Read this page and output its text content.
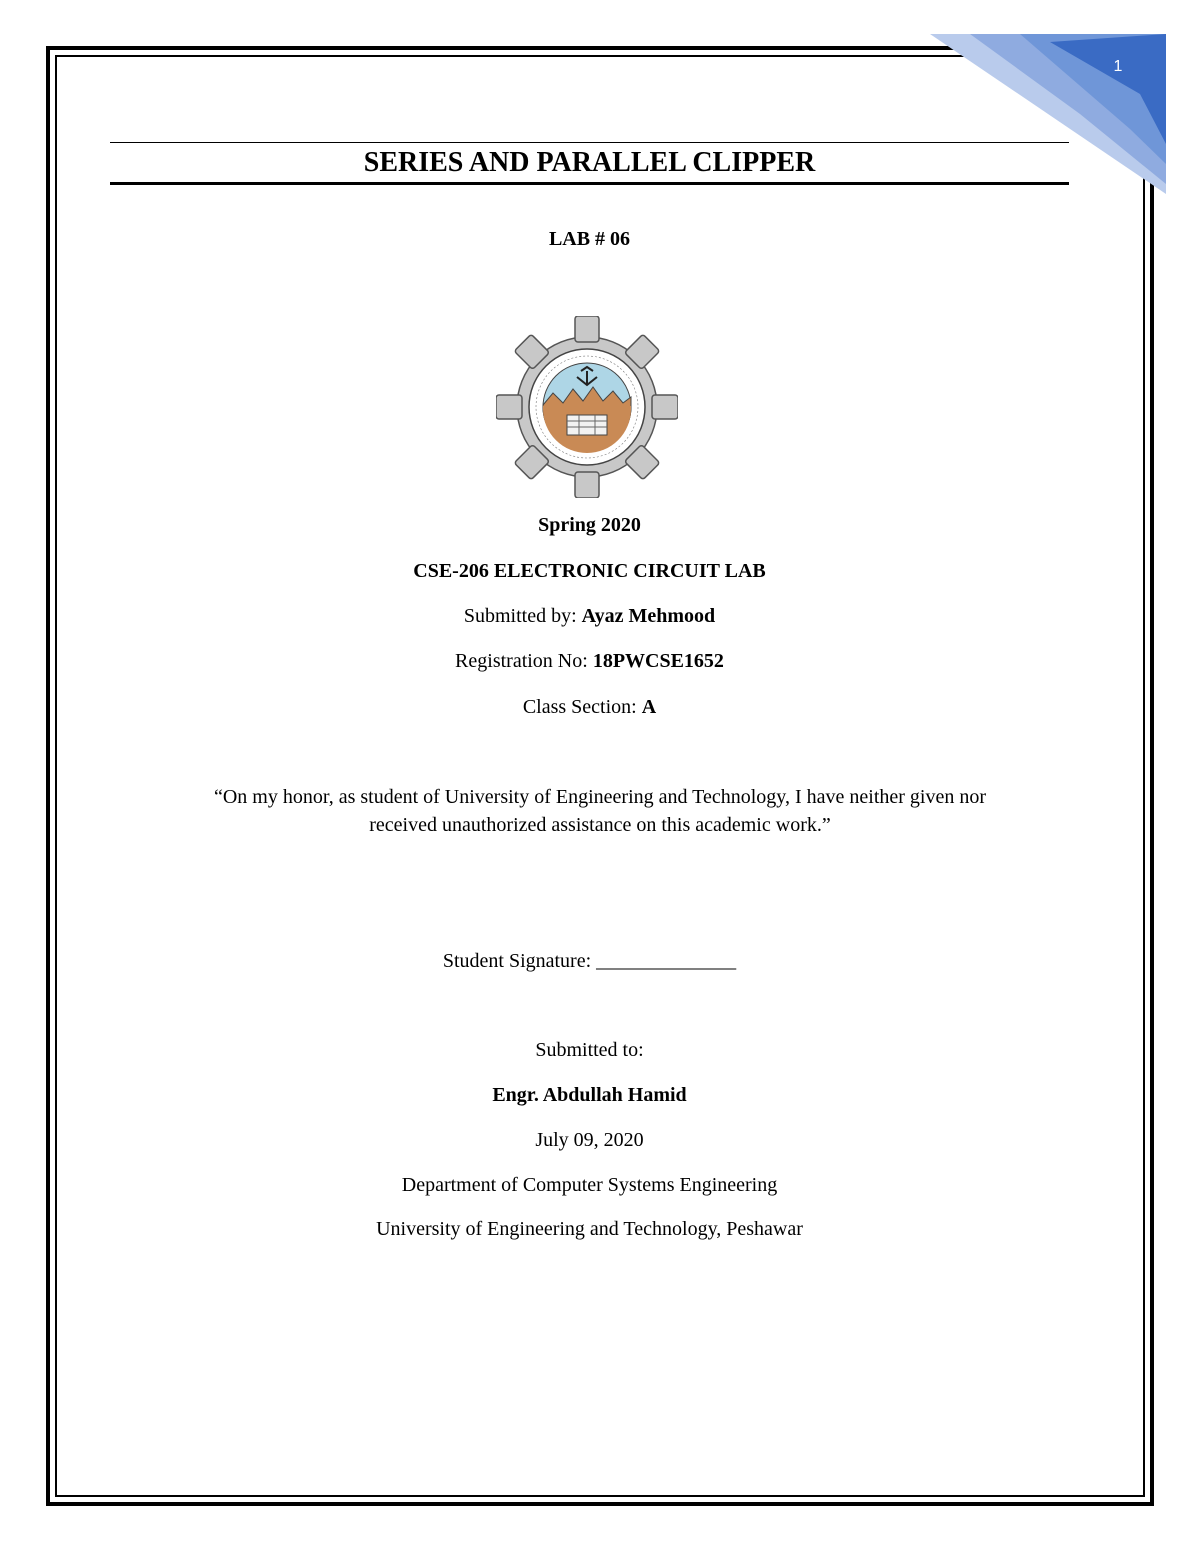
1
SERIES AND PARALLEL CLIPPER
LAB # 06
Spring 2020
CSE-206 ELECTRONIC CIRCUIT LAB
Submitted by: Ayaz Mehmood
Registration No: 18PWCSE1652
Class Section: A
“On my honor, as student of University of Engineering and Technology, I have neither given nor
received unauthorized assistance on this academic work.”
Student Signature: ______________
Submitted to:
Engr. Abdullah Hamid
July 09, 2020
Department of Computer Systems Engineering
University of Engineering and Technology, Peshawar
